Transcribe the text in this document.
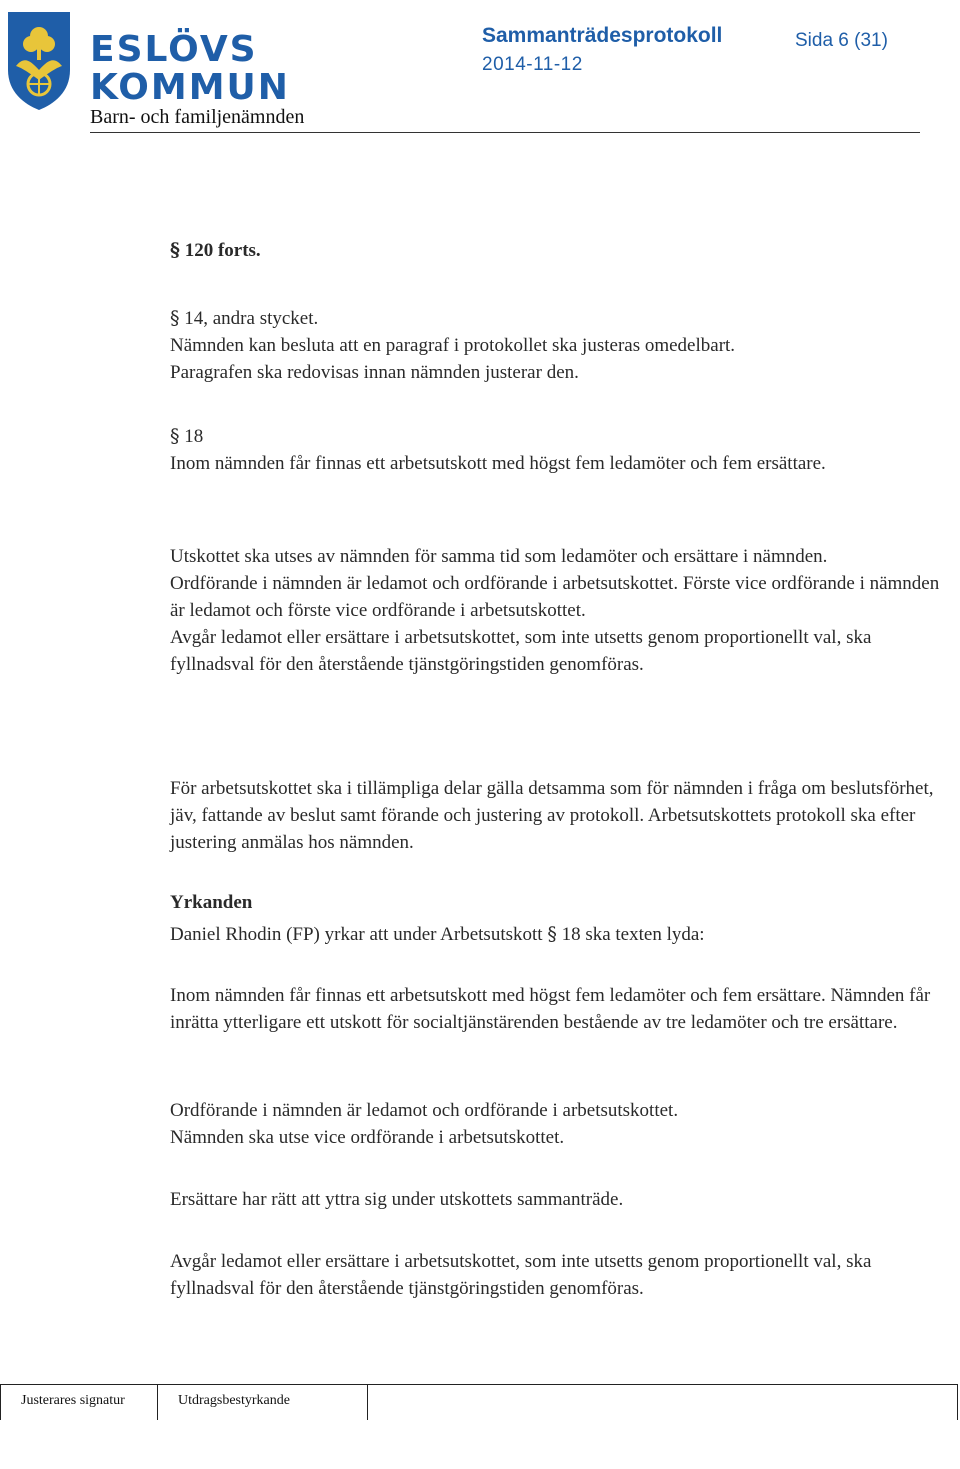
ESLÖVS
KOMMUN
Barn- och familjenämnden
Sammanträdesprotokoll	Sida 6 (31)
2014-11-12
§ 120 forts.

§ 14, andra stycket.

Nämnden kan besluta att en paragraf i protokollet ska justeras omedelbart.

Paragrafen ska redovisas innan nämnden justerar den.

§ 18

Inom nämnden får finnas ett arbetsutskott med högst fem ledamöter och fem ersättare.

Utskottet ska utses av nämnden för samma tid som ledamöter och ersättare i nämnden.

Ordförande i nämnden är ledamot och ordförande i arbetsutskottet. Förste vice ordförande i nämnden är ledamot och förste vice ordförande i arbetsutskottet.

Avgår ledamot eller ersättare i arbetsutskottet, som inte utsetts genom proportionellt val, ska fyllnadsval för den återstående tjänstgöringstiden genomföras.

För arbetsutskottet ska i tillämpliga delar gälla detsamma som för nämnden i fråga om beslutsförhet, jäv, fattande av beslut samt förande och justering av protokoll. Arbetsutskottets protokoll ska efter justering anmälas hos nämnden.
Yrkanden
Daniel Rhodin (FP) yrkar att under Arbetsutskott § 18 ska texten lyda:
Inom nämnden får finnas ett arbetsutskott med högst fem ledamöter och fem ersättare. Nämnden får inrätta ytterligare ett utskott för socialtjänstärenden bestående av tre ledamöter och tre ersättare.

Ordförande i nämnden är ledamot och ordförande i arbetsutskottet.

Nämnden ska utse vice ordförande i arbetsutskottet.

Ersättare har rätt att yttra sig under utskottets sammanträde.
Avgår ledamot eller ersättare i arbetsutskottet, som inte utsetts genom proportionellt val, ska fyllnadsval för den återstående tjänstgöringstiden genomföras.
Justerares signatur	Utdragsbestyrkande
